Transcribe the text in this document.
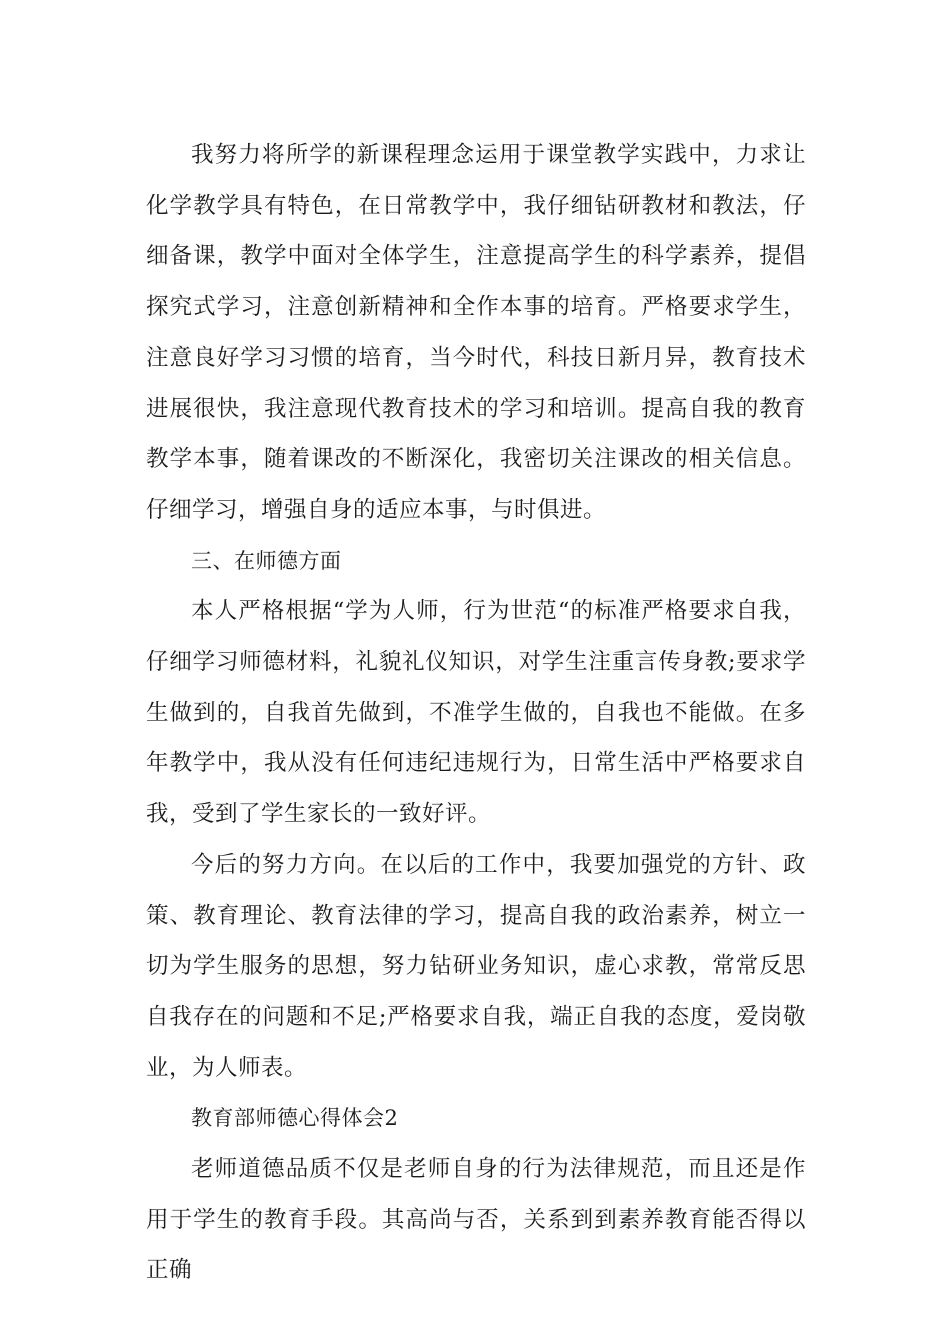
我努力将所学的新课程理念运用于课堂教学实践中，力求让化学教学具有特色，在日常教学中，我仔细钻研教材和教法，仔细备课，教学中面对全体学生，注意提高学生的科学素养，提倡探究式学习，注意创新精神和全作本事的培育。严格要求学生，注意良好学习习惯的培育，当今时代，科技日新月异，教育技术进展很快，我注意现代教育技术的学习和培训。提高自我的教育教学本事，随着课改的不断深化，我密切关注课改的相关信息。仔细学习，增强自身的适应本事，与时俱进。

三、在师德方面

本人严格根据“学为人师，行为世范“的标准严格要求自我，仔细学习师德材料，礼貌礼仪知识，对学生注重言传身教;要求学生做到的，自我首先做到，不准学生做的，自我也不能做。在多年教学中，我从没有任何违纪违规行为，日常生活中严格要求自我，受到了学生家长的一致好评。

今后的努力方向。在以后的工作中，我要加强党的方针、政策、教育理论、教育法律的学习，提高自我的政治素养，树立一切为学生服务的思想，努力钻研业务知识，虚心求教，常常反思自我存在的问题和不足;严格要求自我，端正自我的态度，爱岗敬业，为人师表。

教育部师德心得体会2

老师道德品质不仅是老师自身的行为法律规范，而且还是作用于学生的教育手段。其高尚与否，关系到到素养教育能否得以正确
